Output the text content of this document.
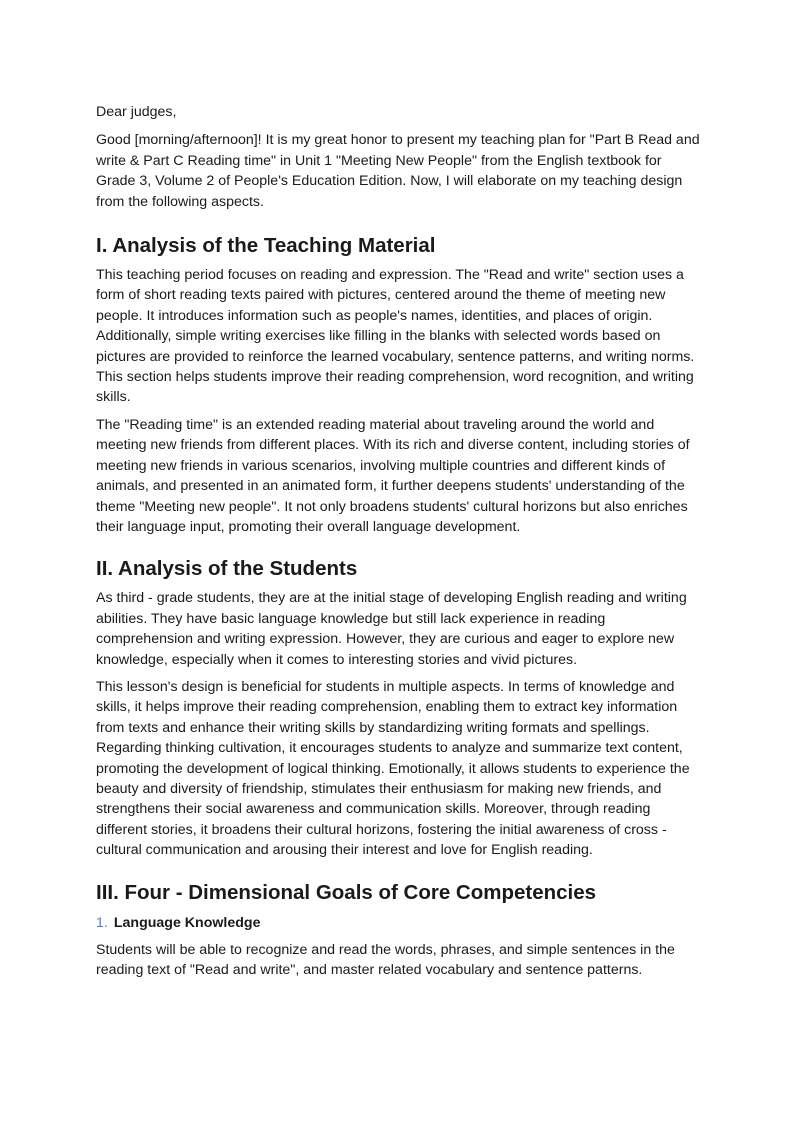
Dear judges,

Good [morning/afternoon]! It is my great honor to present my teaching plan for "Part B Read and write & Part C Reading time" in Unit 1 "Meeting New People" from the English textbook for Grade 3, Volume 2 of People's Education Edition. Now, I will elaborate on my teaching design from the following aspects.

I. Analysis of the Teaching Material

This teaching period focuses on reading and expression. The "Read and write" section uses a form of short reading texts paired with pictures, centered around the theme of meeting new people. It introduces information such as people's names, identities, and places of origin. Additionally, simple writing exercises like filling in the blanks with selected words based on pictures are provided to reinforce the learned vocabulary, sentence patterns, and writing norms. This section helps students improve their reading comprehension, word recognition, and writing skills.

The "Reading time" is an extended reading material about traveling around the world and meeting new friends from different places. With its rich and diverse content, including stories of meeting new friends in various scenarios, involving multiple countries and different kinds of animals, and presented in an animated form, it further deepens students' understanding of the theme "Meeting new people". It not only broadens students' cultural horizons but also enriches their language input, promoting their overall language development.

II. Analysis of the Students

As third - grade students, they are at the initial stage of developing English reading and writing abilities. They have basic language knowledge but still lack experience in reading comprehension and writing expression. However, they are curious and eager to explore new knowledge, especially when it comes to interesting stories and vivid pictures.

This lesson's design is beneficial for students in multiple aspects. In terms of knowledge and skills, it helps improve their reading comprehension, enabling them to extract key information from texts and enhance their writing skills by standardizing writing formats and spellings. Regarding thinking cultivation, it encourages students to analyze and summarize text content, promoting the development of logical thinking. Emotionally, it allows students to experience the beauty and diversity of friendship, stimulates their enthusiasm for making new friends, and strengthens their social awareness and communication skills. Moreover, through reading different stories, it broadens their cultural horizons, fostering the initial awareness of cross - cultural communication and arousing their interest and love for English reading.

III. Four - Dimensional Goals of Core Competencies
1. Language Knowledge

Students will be able to recognize and read the words, phrases, and simple sentences in the reading text of "Read and write", and master related vocabulary and sentence patterns.
